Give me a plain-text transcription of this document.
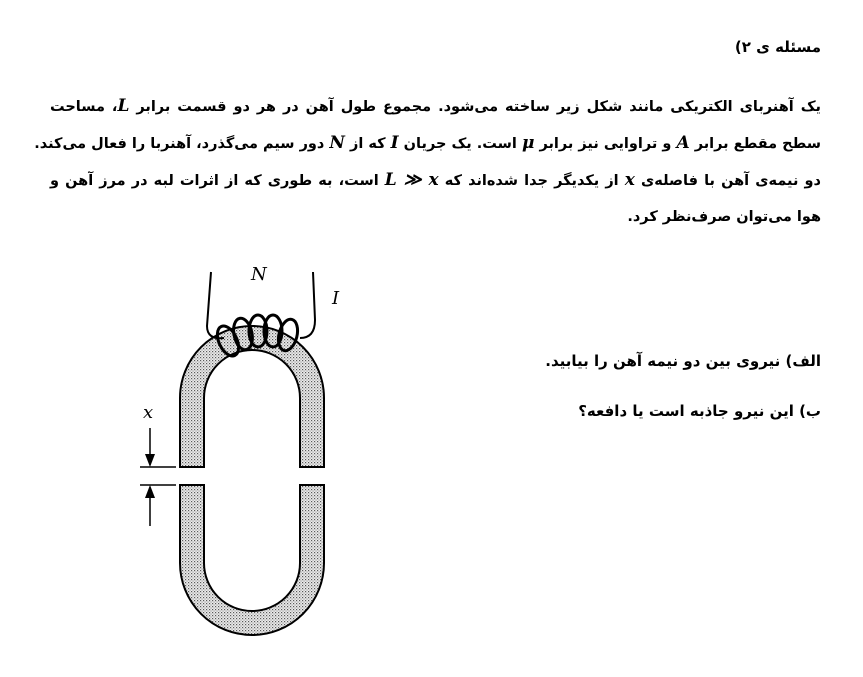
مسئله ی ۲)
یک آهنربای الکتریکی مانند شکل زیر ساخته می‌شود. مجموع طول آهن در هر دو قسمت برابر L، مساحت
سطح مقطع برابر A و تراوایی نیز برابر μ است. یک جریان I که از N دور سیم می‌گذرد، آهنربا را فعال می‌کند.
دو نیمه‌ی آهن با فاصله‌ی x از یکدیگر جدا شده‌اند که L ≫ x است، به طوری که از اثرات لبه در مرز آهن و
هوا می‌توان صرف‌نظر کرد.
N
I
x
الف) نیروی بین دو نیمه آهن را بیابید.
ب) این نیرو جاذبه است یا دافعه؟
